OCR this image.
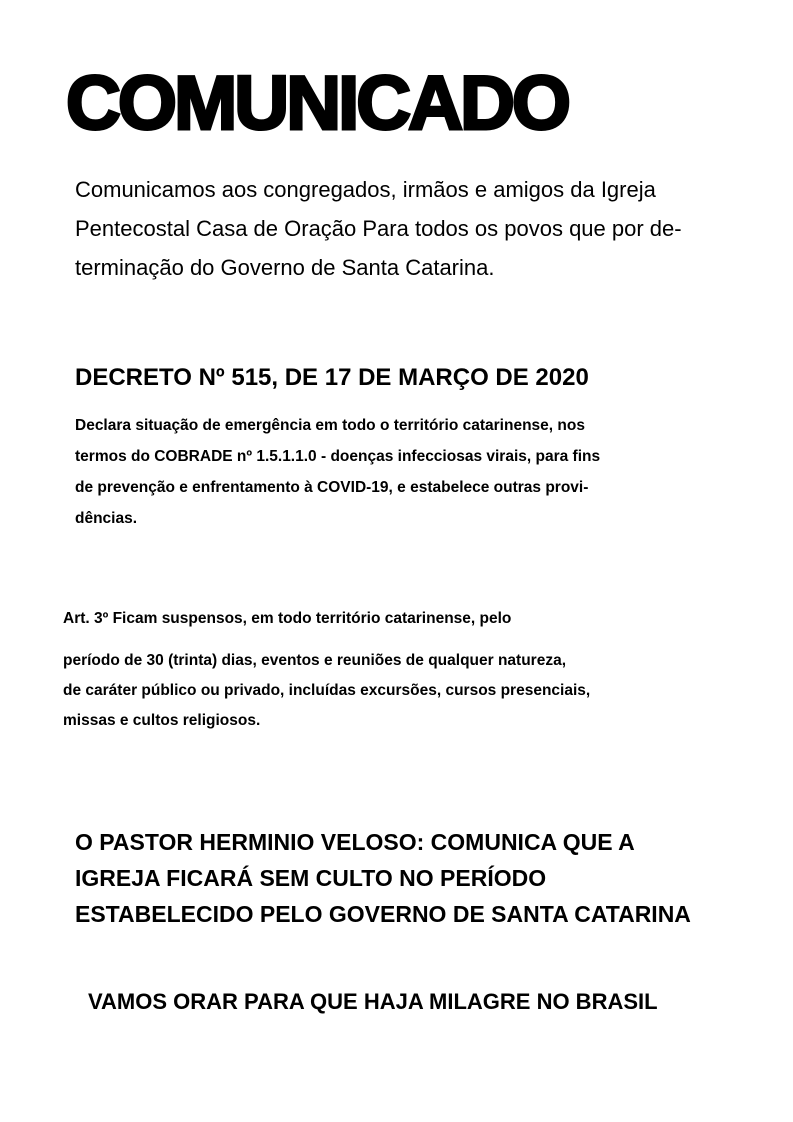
COMUNICADO

Comunicamos aos congregados, irmãos e amigos da Igreja
Pentecostal Casa de Oração Para todos os povos que por de-
terminação do Governo de Santa Catarina.

DECRETO Nº 515, DE 17 DE MARÇO DE 2020

Declara situação de emergência em todo o território catarinense, nos
termos do COBRADE nº 1.5.1.1.0 - doenças infecciosas virais, para fins
de prevenção e enfrentamento à COVID-19, e estabelece outras provi-
dências.

Art. 3º Ficam suspensos, em todo território catarinense, pelo

período de 30 (trinta) dias, eventos e reuniões de qualquer natureza,
de caráter público ou privado, incluídas excursões, cursos presenciais,
missas e cultos religiosos.

O PASTOR HERMINIO VELOSO: COMUNICA QUE A
IGREJA FICARÁ SEM CULTO NO PERÍODO
ESTABELECIDO PELO GOVERNO DE SANTA CATARINA

VAMOS ORAR PARA QUE HAJA MILAGRE NO BRASIL
